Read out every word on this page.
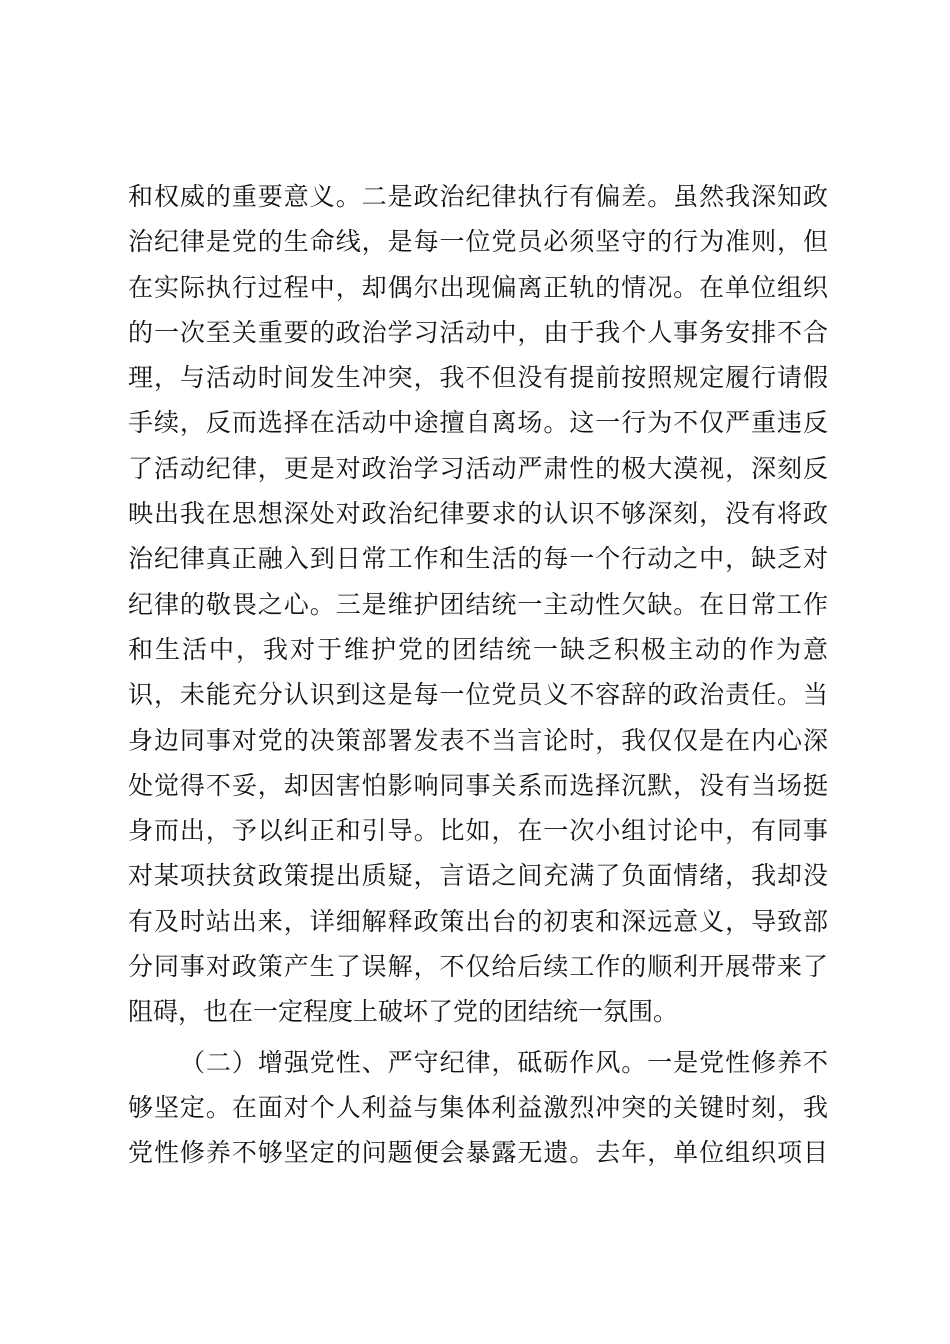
和权威的重要意义。二是政治纪律执行有偏差。虽然我深知政
治纪律是党的生命线，是每一位党员必须坚守的行为准则，但
在实际执行过程中，却偶尔出现偏离正轨的情况。在单位组织
的一次至关重要的政治学习活动中，由于我个人事务安排不合
理，与活动时间发生冲突，我不但没有提前按照规定履行请假
手续，反而选择在活动中途擅自离场。这一行为不仅严重违反
了活动纪律，更是对政治学习活动严肃性的极大漠视，深刻反
映出我在思想深处对政治纪律要求的认识不够深刻，没有将政
治纪律真正融入到日常工作和生活的每一个行动之中，缺乏对
纪律的敬畏之心。三是维护团结统一主动性欠缺。在日常工作
和生活中，我对于维护党的团结统一缺乏积极主动的作为意
识，未能充分认识到这是每一位党员义不容辞的政治责任。当
身边同事对党的决策部署发表不当言论时，我仅仅是在内心深
处觉得不妥，却因害怕影响同事关系而选择沉默，没有当场挺
身而出，予以纠正和引导。比如，在一次小组讨论中，有同事
对某项扶贫政策提出质疑，言语之间充满了负面情绪，我却没
有及时站出来，详细解释政策出台的初衷和深远意义，导致部
分同事对政策产生了误解，不仅给后续工作的顺利开展带来了
阻碍，也在一定程度上破坏了党的团结统一氛围。
（二）增强党性、严守纪律，砥砺作风。一是党性修养不
够坚定。在面对个人利益与集体利益激烈冲突的关键时刻，我
党性修养不够坚定的问题便会暴露无遗。去年，单位组织项目
